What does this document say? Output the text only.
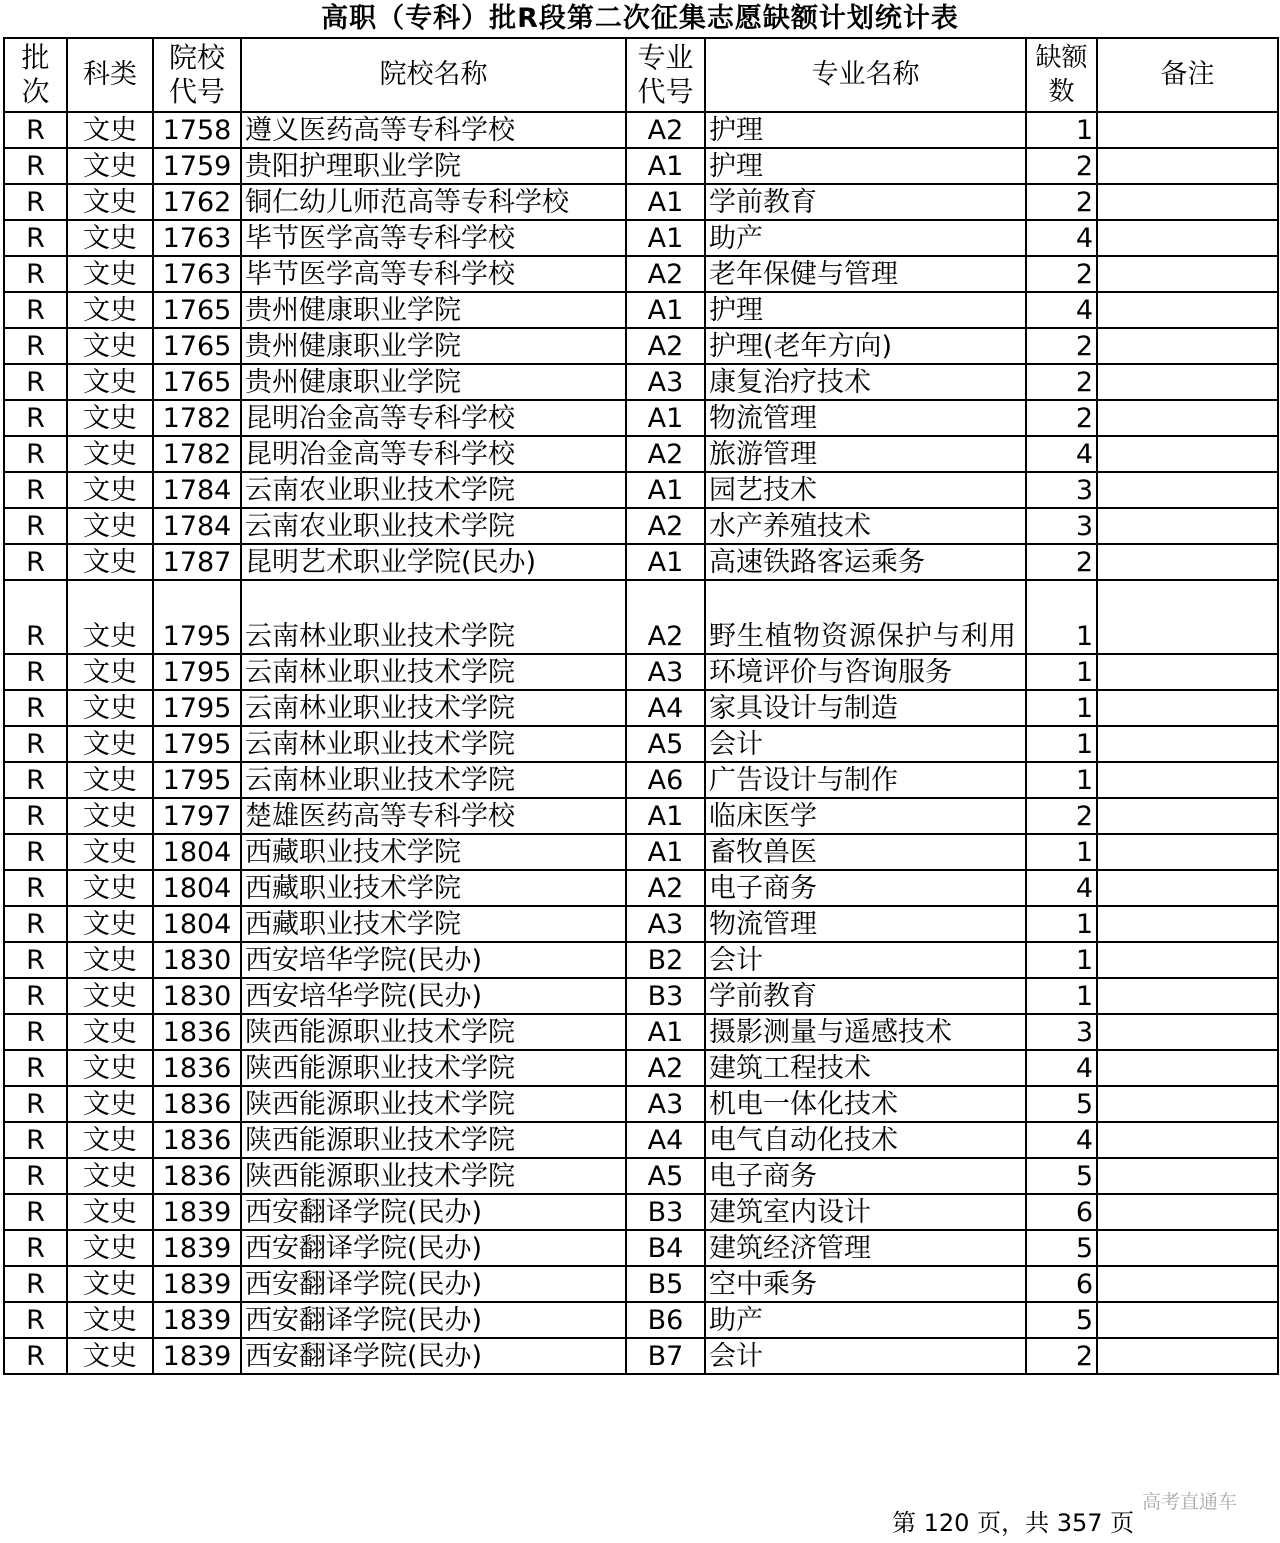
高职（专科）批R段第二次征集志愿缺额计划统计表
批次	科类	院校代号	院校名称	专业代号	专业名称	缺额数	备注
R	文史	1758	遵义医药高等专科学校	A2	护理	1	
R	文史	1759	贵阳护理职业学院	A1	护理	2	
R	文史	1762	铜仁幼儿师范高等专科学校	A1	学前教育	2	
R	文史	1763	毕节医学高等专科学校	A1	助产	4	
R	文史	1763	毕节医学高等专科学校	A2	老年保健与管理	2	
R	文史	1765	贵州健康职业学院	A1	护理	4	
R	文史	1765	贵州健康职业学院	A2	护理(老年方向)	2	
R	文史	1765	贵州健康职业学院	A3	康复治疗技术	2	
R	文史	1782	昆明冶金高等专科学校	A1	物流管理	2	
R	文史	1782	昆明冶金高等专科学校	A2	旅游管理	4	
R	文史	1784	云南农业职业技术学院	A1	园艺技术	3	
R	文史	1784	云南农业职业技术学院	A2	水产养殖技术	3	
R	文史	1787	昆明艺术职业学院(民办)	A1	高速铁路客运乘务	2	
R	文史	1795	云南林业职业技术学院	A2	野生植物资源保护与利用	1	
R	文史	1795	云南林业职业技术学院	A3	环境评价与咨询服务	1	
R	文史	1795	云南林业职业技术学院	A4	家具设计与制造	1	
R	文史	1795	云南林业职业技术学院	A5	会计	1	
R	文史	1795	云南林业职业技术学院	A6	广告设计与制作	1	
R	文史	1797	楚雄医药高等专科学校	A1	临床医学	2	
R	文史	1804	西藏职业技术学院	A1	畜牧兽医	1	
R	文史	1804	西藏职业技术学院	A2	电子商务	4	
R	文史	1804	西藏职业技术学院	A3	物流管理	1	
R	文史	1830	西安培华学院(民办)	B2	会计	1	
R	文史	1830	西安培华学院(民办)	B3	学前教育	1	
R	文史	1836	陕西能源职业技术学院	A1	摄影测量与遥感技术	3	
R	文史	1836	陕西能源职业技术学院	A2	建筑工程技术	4	
R	文史	1836	陕西能源职业技术学院	A3	机电一体化技术	5	
R	文史	1836	陕西能源职业技术学院	A4	电气自动化技术	4	
R	文史	1836	陕西能源职业技术学院	A5	电子商务	5	
R	文史	1839	西安翻译学院(民办)	B3	建筑室内设计	6	
R	文史	1839	西安翻译学院(民办)	B4	建筑经济管理	5	
R	文史	1839	西安翻译学院(民办)	B5	空中乘务	6	
R	文史	1839	西安翻译学院(民办)	B6	助产	5	
R	文史	1839	西安翻译学院(民办)	B7	会计	2	
高考直通车
第 120 页，共 357 页
